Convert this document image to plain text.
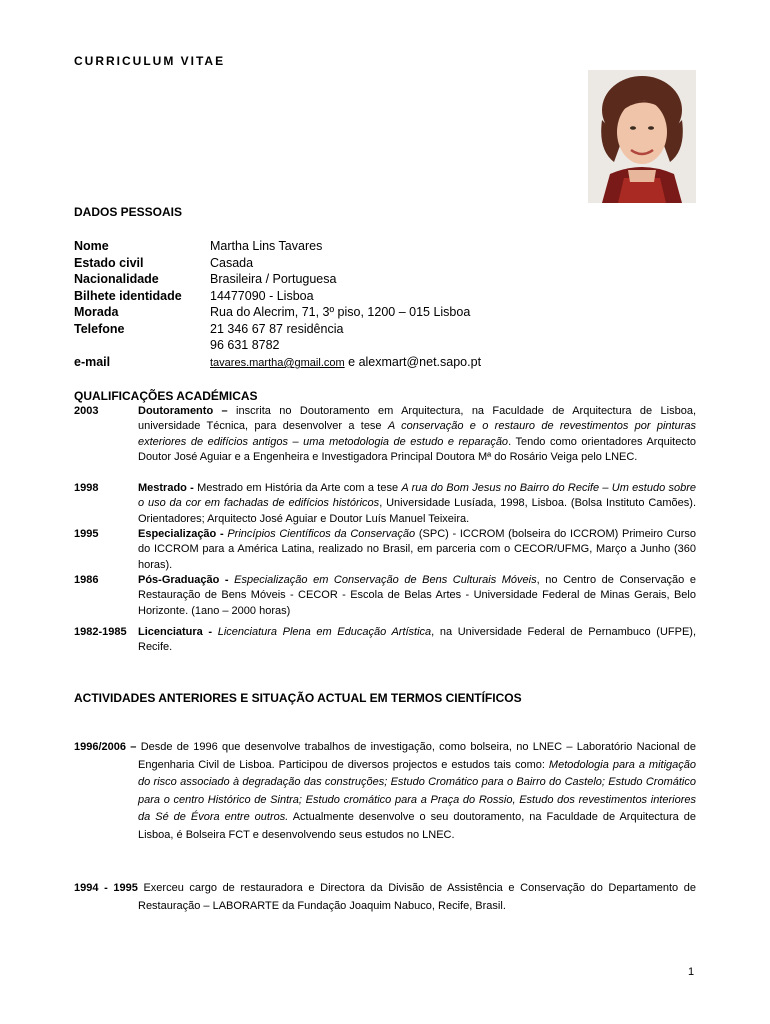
CURRICULUM VITAE
DADOS PESSOAIS
Nome	Martha Lins Tavares
Estado civil	Casada
Nacionalidade	Brasileira / Portuguesa
Bilhete identidade 14477090 - Lisboa
Morada	Rua do Alecrim, 71, 3º piso, 1200 – 015 Lisboa
Telefone	21 346 67 87 residência
96 631 8782
e-mail	tavares.martha@gmail.com e alexmart@net.sapo.pt
QUALIFICAÇÕES ACADÉMICAS
2003	Doutoramento – inscrita no Doutoramento em Arquitectura, na Faculdade de Arquitectura de Lisboa, universidade Técnica, para desenvolver a tese A conservação e o restauro de revestimentos por pinturas exteriores de edifícios antigos – uma metodologia de estudo e reparação. Tendo como orientadores Arquitecto Doutor José Aguiar e a Engenheira e Investigadora Principal Doutora Mª do Rosário Veiga pelo LNEC.
1998	Mestrado - Mestrado em História da Arte com a tese A rua do Bom Jesus no Bairro do Recife – Um estudo sobre o uso da cor em fachadas de edifícios históricos, Universidade Lusíada, 1998, Lisboa. (Bolsa Instituto Camões). Orientadores; Arquitecto José Aguiar e Doutor Luís Manuel Teixeira.
1995	Especialização - Princípios Científicos da Conservação (SPC) - ICCROM (bolseira do ICCROM) Primeiro Curso do ICCROM para a América Latina, realizado no Brasil, em parceria com o CECOR/UFMG, Março a Junho (360 horas).
1986	Pós-Graduação - Especialização em Conservação de Bens Culturais Móveis, no Centro de Conservação e Restauração de Bens Móveis - CECOR - Escola de Belas Artes - Universidade Federal de Minas Gerais, Belo Horizonte. (1ano – 2000 horas)
1982-1985 Licenciatura - Licenciatura Plena em Educação Artística, na Universidade Federal de Pernambuco (UFPE), Recife.
ACTIVIDADES ANTERIORES E SITUAÇÃO ACTUAL EM TERMOS CIENTÍFICOS
1996/2006 – Desde de 1996 que desenvolve trabalhos de investigação, como bolseira, no LNEC – Laboratório Nacional de Engenharia Civil de Lisboa. Participou de diversos projectos e estudos tais como: Metodologia para a mitigação do risco associado à degradação das construções; Estudo Cromático para o Bairro do Castelo; Estudo Cromático para o centro Histórico de Sintra; Estudo cromático para a Praça do Rossio, Estudo dos revestimentos interiores da Sé de Évora entre outros. Actualmente desenvolve o seu doutoramento, na Faculdade de Arquitectura de Lisboa, é Bolseira FCT e desenvolvendo seus estudos no LNEC.
1994 - 1995 Exerceu cargo de restauradora e Directora da Divisão de Assistência e Conservação do Departamento de Restauração – LABORARTE da Fundação Joaquim Nabuco, Recife, Brasil.
1
